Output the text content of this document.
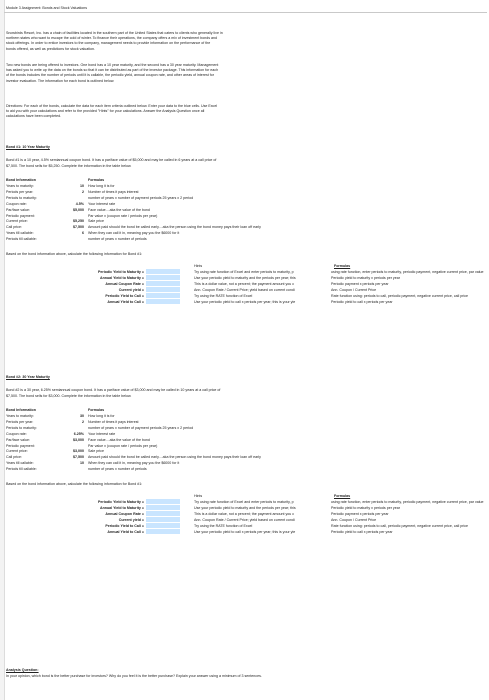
Module 3 Assignment: Bonds and Stock Valuations
Snowbirds Resort, Inc. has a chain of facilities located in the southern part of the United States that caters to clients who generally live in
northern states who want to escape the cold of winter. To finance their operations, the company offers a mix of investment bonds and
stock offerings. In order to entice investors to the company, management needs to provide information on the performance of the
bonds offered, as well as predictions for stock valuation.
Two new bonds are being offered to investors. One bond has a 10 year maturity, and the second has a 30 year maturity. Management
has asked you to write up the data on the bonds so that it can be distributed as part of the investor package. This information for each
of the bonds includes the number of periods until it is callable, the periodic yield, annual coupon rate, and other areas of interest for
investor evaluation. The information for each bond is outlined below.
Directions: For each of the bonds, calculate the data for each item criteria outlined below. Enter your data to the blue cells. Use Excel
to aid you with your calculations and refer to the provided "Hints" for your calculations. Answer the Analysis Question once all
calculations have been completed.
Bond #1: 10 Year Maturity
Bond #1 is a 10 year, 4.5% semiannual coupon bond. It has a par/face value of $5,000 and may be called in 6 years at a call price of
$7,500. The bond sells for $5,250. Complete the information in the table below.
Bond Information	Formulas
Years to maturity:	10 How long it is for
Periods per year:	2 Number of times it pays interest
Periods to maturity:	number of years x number of payment periods 25 years x 2 period
Coupon rate:	4.5% Your interest rate
Par/face value:	$5,000 Face value....aka the value of the bond
Periodic payment:	Par value x (coupon rate / periods per year)
Current price:	$5,250 Sale price
Call price:	$7,500 Amount paid should the bond be called early....aka the person using the bond money pays their loan off early
Years till callable:	6 When they can call it in, meaning pay you the $6000 for it
Periods till callable:	number of years x number of periods
Based on the bond information above, calculate the following information for Bond #1:
Hints	Formulas
Periodic Yield to Maturity =	Try using rate function of Excel and enter periods to maturity, p	using rate function, enter periods to maturity, periodic payment, negative current price, par value
Annual Yield to Maturity =	Use your periodic yield to maturity and the periods per year; this	Periodic yield to maturity x periods per year
Annual Coupon Rate =	This is a dollar value, not a percent; the payment amount you c	Periodic payment x periods per year
Current yield =	Ann. Coupon Rate / Current Price; yield based on current condi	Ann. Coupon / Current Price
Periodic Yield to Call =	Try using the RATE function of Excel	Rate function using: periods to call, periodic payment, negative current price, call price
Annual Yield to Call =	Use your periodic yield to call x periods per year; this is your yie	Periodic yield to call x periods per year
Bond #2: 30 Year Maturity
Bond #2 is a 30 year, 6.25% semiannual coupon bond. It has a par/face value of $3,000 and may be called in 10 years at a call price of
$7,500. The bond sells for $3,000. Complete the information in the table below.
Bond Information	Formulas
Years to maturity:	30 How long it is for
Periods per year:	2 Number of times it pays interest
Periods to maturity:	number of years x number of payment periods 25 years x 2 period
Coupon rate:	6.25% Your interest rate
Par/face value:	$3,000 Face value....aka the value of the bond
Periodic payment:	Par value x (coupon rate / periods per year)
Current price:	$3,000 Sale price
Call price:	$7,500 Amount paid should the bond be called early....aka the person using the bond money pays their loan off early
Years till callable:	10 When they can call it in, meaning pay you the $6000 for it
Periods till callable:	number of years x number of periods
Based on the bond information above, calculate the following information for Bond #1:
Hints	Formulas
Periodic Yield to Maturity =	Try using rate function of Excel and enter periods to maturity, p	using rate function, enter periods to maturity, periodic payment, negative current price, par value
Annual Yield to Maturity =	Use your periodic yield to maturity and the periods per year; this	Periodic yield to maturity x periods per year
Annual Coupon Rate =	This is a dollar value, not a percent; the payment amount you c	Periodic payment x periods per year
Current yield =	Ann. Coupon Rate / Current Price; yield based on current condi	Ann. Coupon / Current Price
Periodic Yield to Call =	Try using the RATE function of Excel	Rate function using: periods to call, periodic payment, negative current price, call price
Annual Yield to Call =	Use your periodic yield to call x periods per year; this is your yie	Periodic yield to call x periods per year
Analysis Question:
In your opinion, which bond is the better purchase for investors? Why do you feel it is the better purchase? Explain your answer using a minimum of 3 sentences.
